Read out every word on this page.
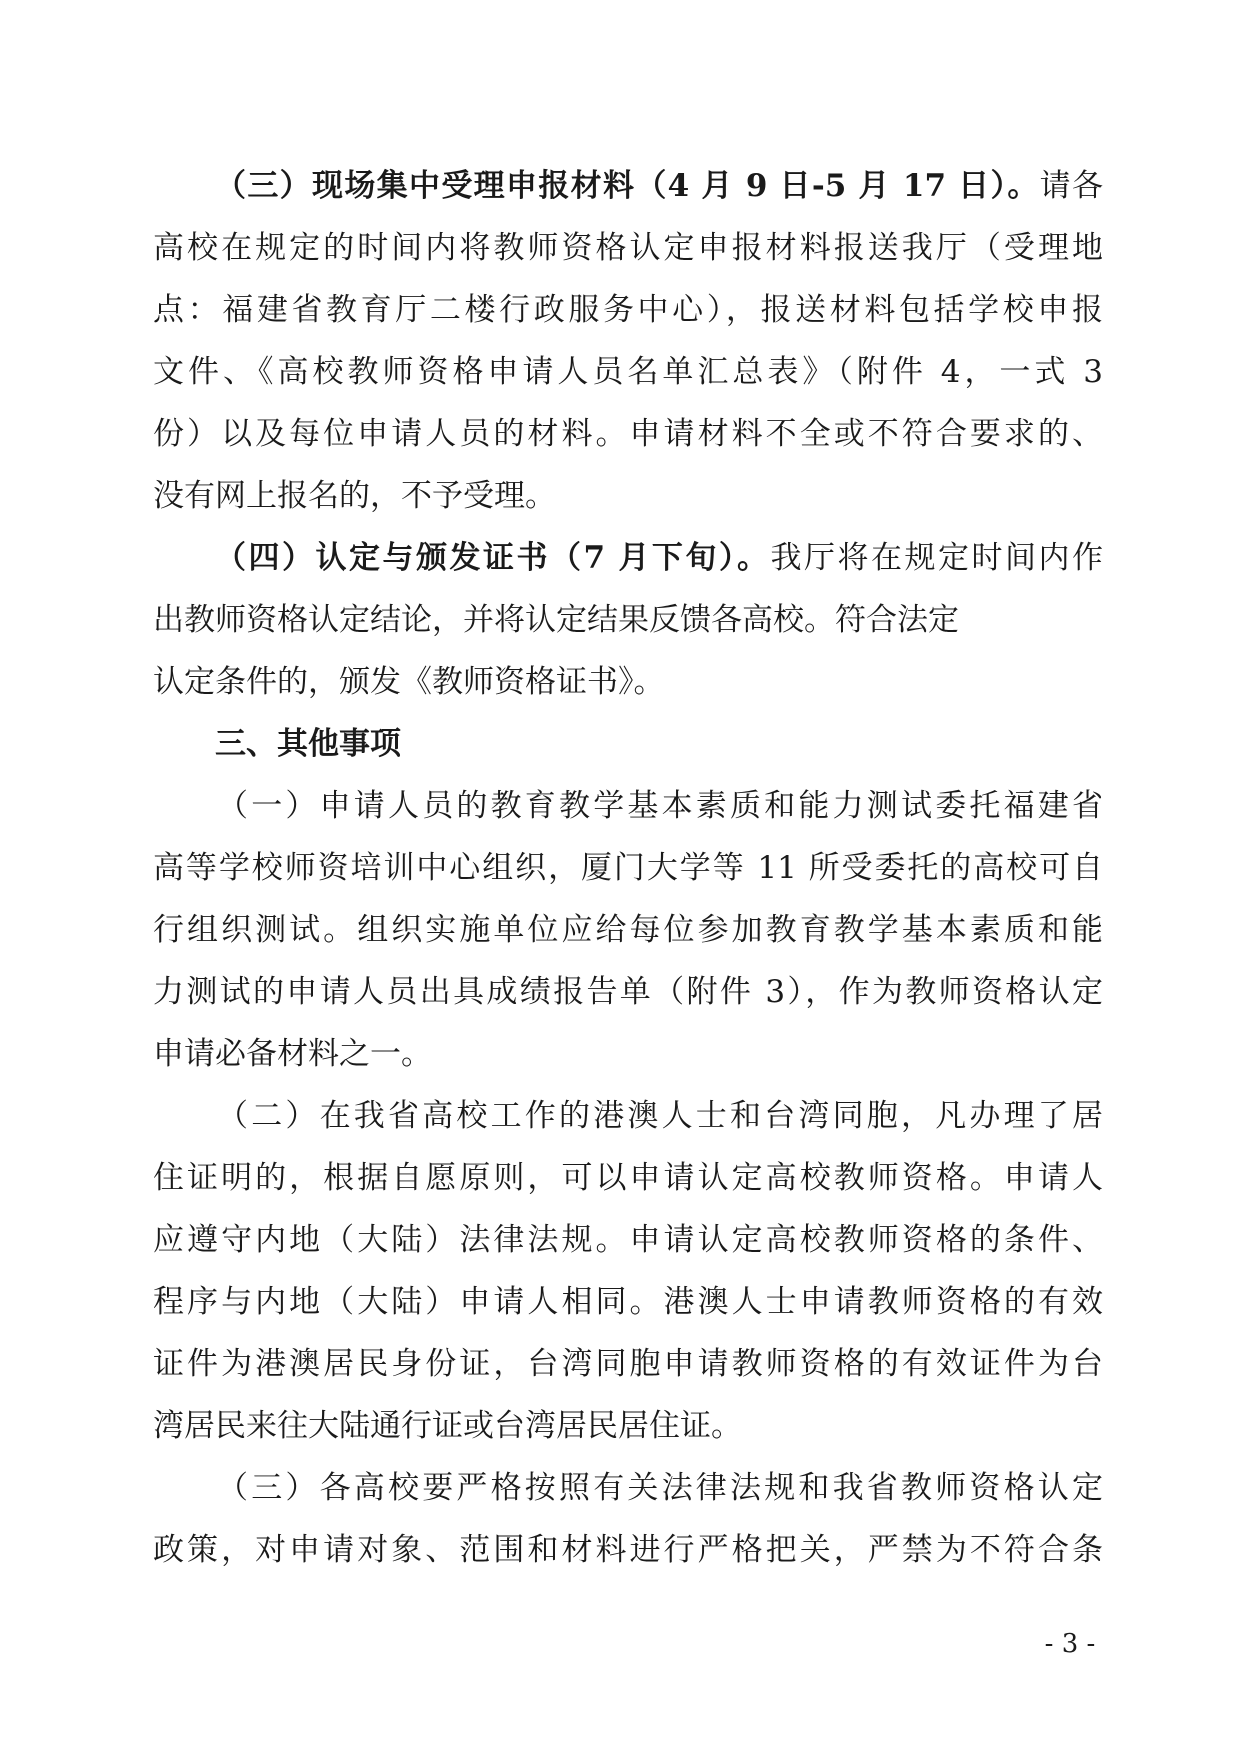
（三）现场集中受理申报材料（4 月 9 日-5 月 17 日）。请各
高校在规定的时间内将教师资格认定申报材料报送我厅（受理地
点：福建省教育厅二楼行政服务中心），报送材料包括学校申报
文件、《高校教师资格申请人员名单汇总表》（附件 4，一式 3
份）以及每位申请人员的材料。申请材料不全或不符合要求的、
没有网上报名的，不予受理。
（四）认定与颁发证书（7 月下旬）。我厅将在规定时间内作
出教师资格认定结论，并将认定结果反馈各高校。符合法定
认定条件的，颁发《教师资格证书》。
三、其他事项
（一）申请人员的教育教学基本素质和能力测试委托福建省
高等学校师资培训中心组织，厦门大学等 11 所受委托的高校可自
行组织测试。组织实施单位应给每位参加教育教学基本素质和能
力测试的申请人员出具成绩报告单（附件 3），作为教师资格认定
申请必备材料之一。
（二）在我省高校工作的港澳人士和台湾同胞，凡办理了居
住证明的，根据自愿原则，可以申请认定高校教师资格。申请人
应遵守内地（大陆）法律法规。申请认定高校教师资格的条件、
程序与内地（大陆）申请人相同。港澳人士申请教师资格的有效
证件为港澳居民身份证，台湾同胞申请教师资格的有效证件为台
湾居民来往大陆通行证或台湾居民居住证。
（三）各高校要严格按照有关法律法规和我省教师资格认定
政策，对申请对象、范围和材料进行严格把关，严禁为不符合条
- 3 -
